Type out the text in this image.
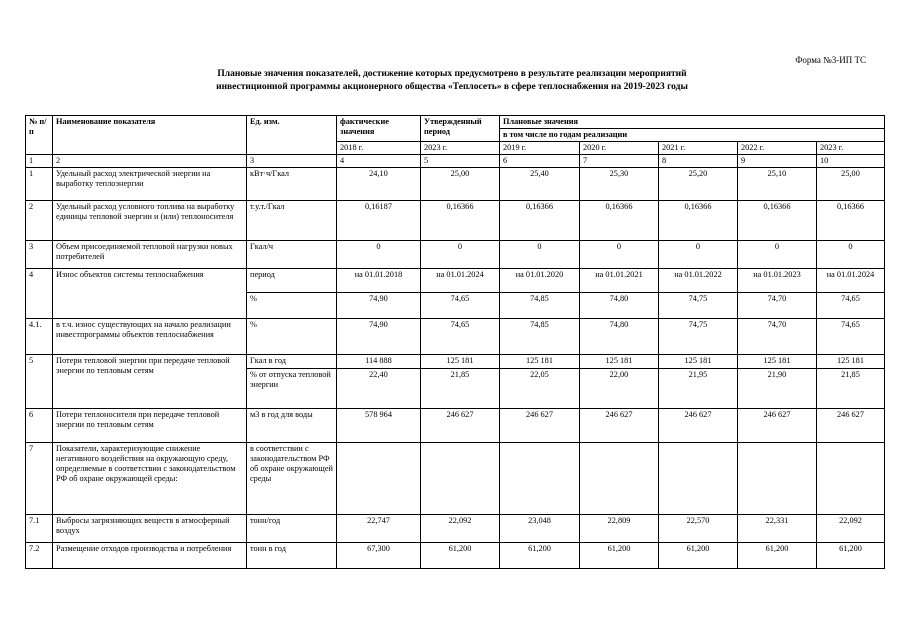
Форма №3-ИП ТС
Плановые значения показателей, достижение которых предусмотрено в результате реализации мероприятий
инвестиционной программы акционерного общества «Теплосеть» в сфере теплоснабжения на 2019-2023 годы
№ п/п	Наименование показателя	Ед. изм.	фактические значения	Утвержденный период	Плановые значения				
					в том числе по годам реализации				
			2018 г.	2023 г.	2019 г.	2020 г.	2021 г.	2022 г.	2023 г.
1	2	3	4	5	6	7	8	9	10
1	Удельный расход электрической энергии на выработку теплоэнергии	кВт·ч/Гкал	24,10	25,00	25,40	25,30	25,20	25,10	25,00
2	Удельный расход условного топлива на выработку единицы тепловой энергии и (или) теплоносителя	т.у.т./Гкал	0,16187	0,16366	0,16366	0,16366	0,16366	0,16366	0,16366
3	Объем присоединяемой тепловой нагрузки новых потребителей	Гкал/ч	0	0	0	0	0	0	0
4	Износ объектов системы теплоснабжения	период	на 01.01.2018	на 01.01.2024	на 01.01.2020	на 01.01.2021	на 01.01.2022	на 01.01.2023	на 01.01.2024
		%	74,90	74,65	74,85	74,80	74,75	74,70	74,65
4.1.	в т.ч. износ существующих на начало реализации инвестпрограммы объектов теплоснабжения	%	74,90	74,65	74,85	74,80	74,75	74,70	74,65
5	Потери тепловой энергии при передаче тепловой энергии по тепловым сетям	Гкал в год	114 888	125 181	125 181	125 181	125 181	125 181	125 181
		% от отпуска тепловой энергии	22,40	21,85	22,05	22,00	21,95	21,90	21,85
6	Потери теплоносителя при передаче тепловой энергии по тепловым сетям	м3 в год для воды	578 964	246 627	246 627	246 627	246 627	246 627	246 627
7	Показатели, характеризующие снижение негативного воздействия на окружающую среду, определяемые в соответствии с законодательством РФ об охране окружающей среды:	в соответствии с законодательством РФ об охране окружающей среды							
7.1	Выбросы загрязняющих веществ в атмосферный воздух	тонн/год	22,747	22,092	23,048	22,809	22,570	22,331	22,092
7.2	Размещение отходов производства и потребления	тонн в год	67,300	61,200	61,200	61,200	61,200	61,200	61,200
